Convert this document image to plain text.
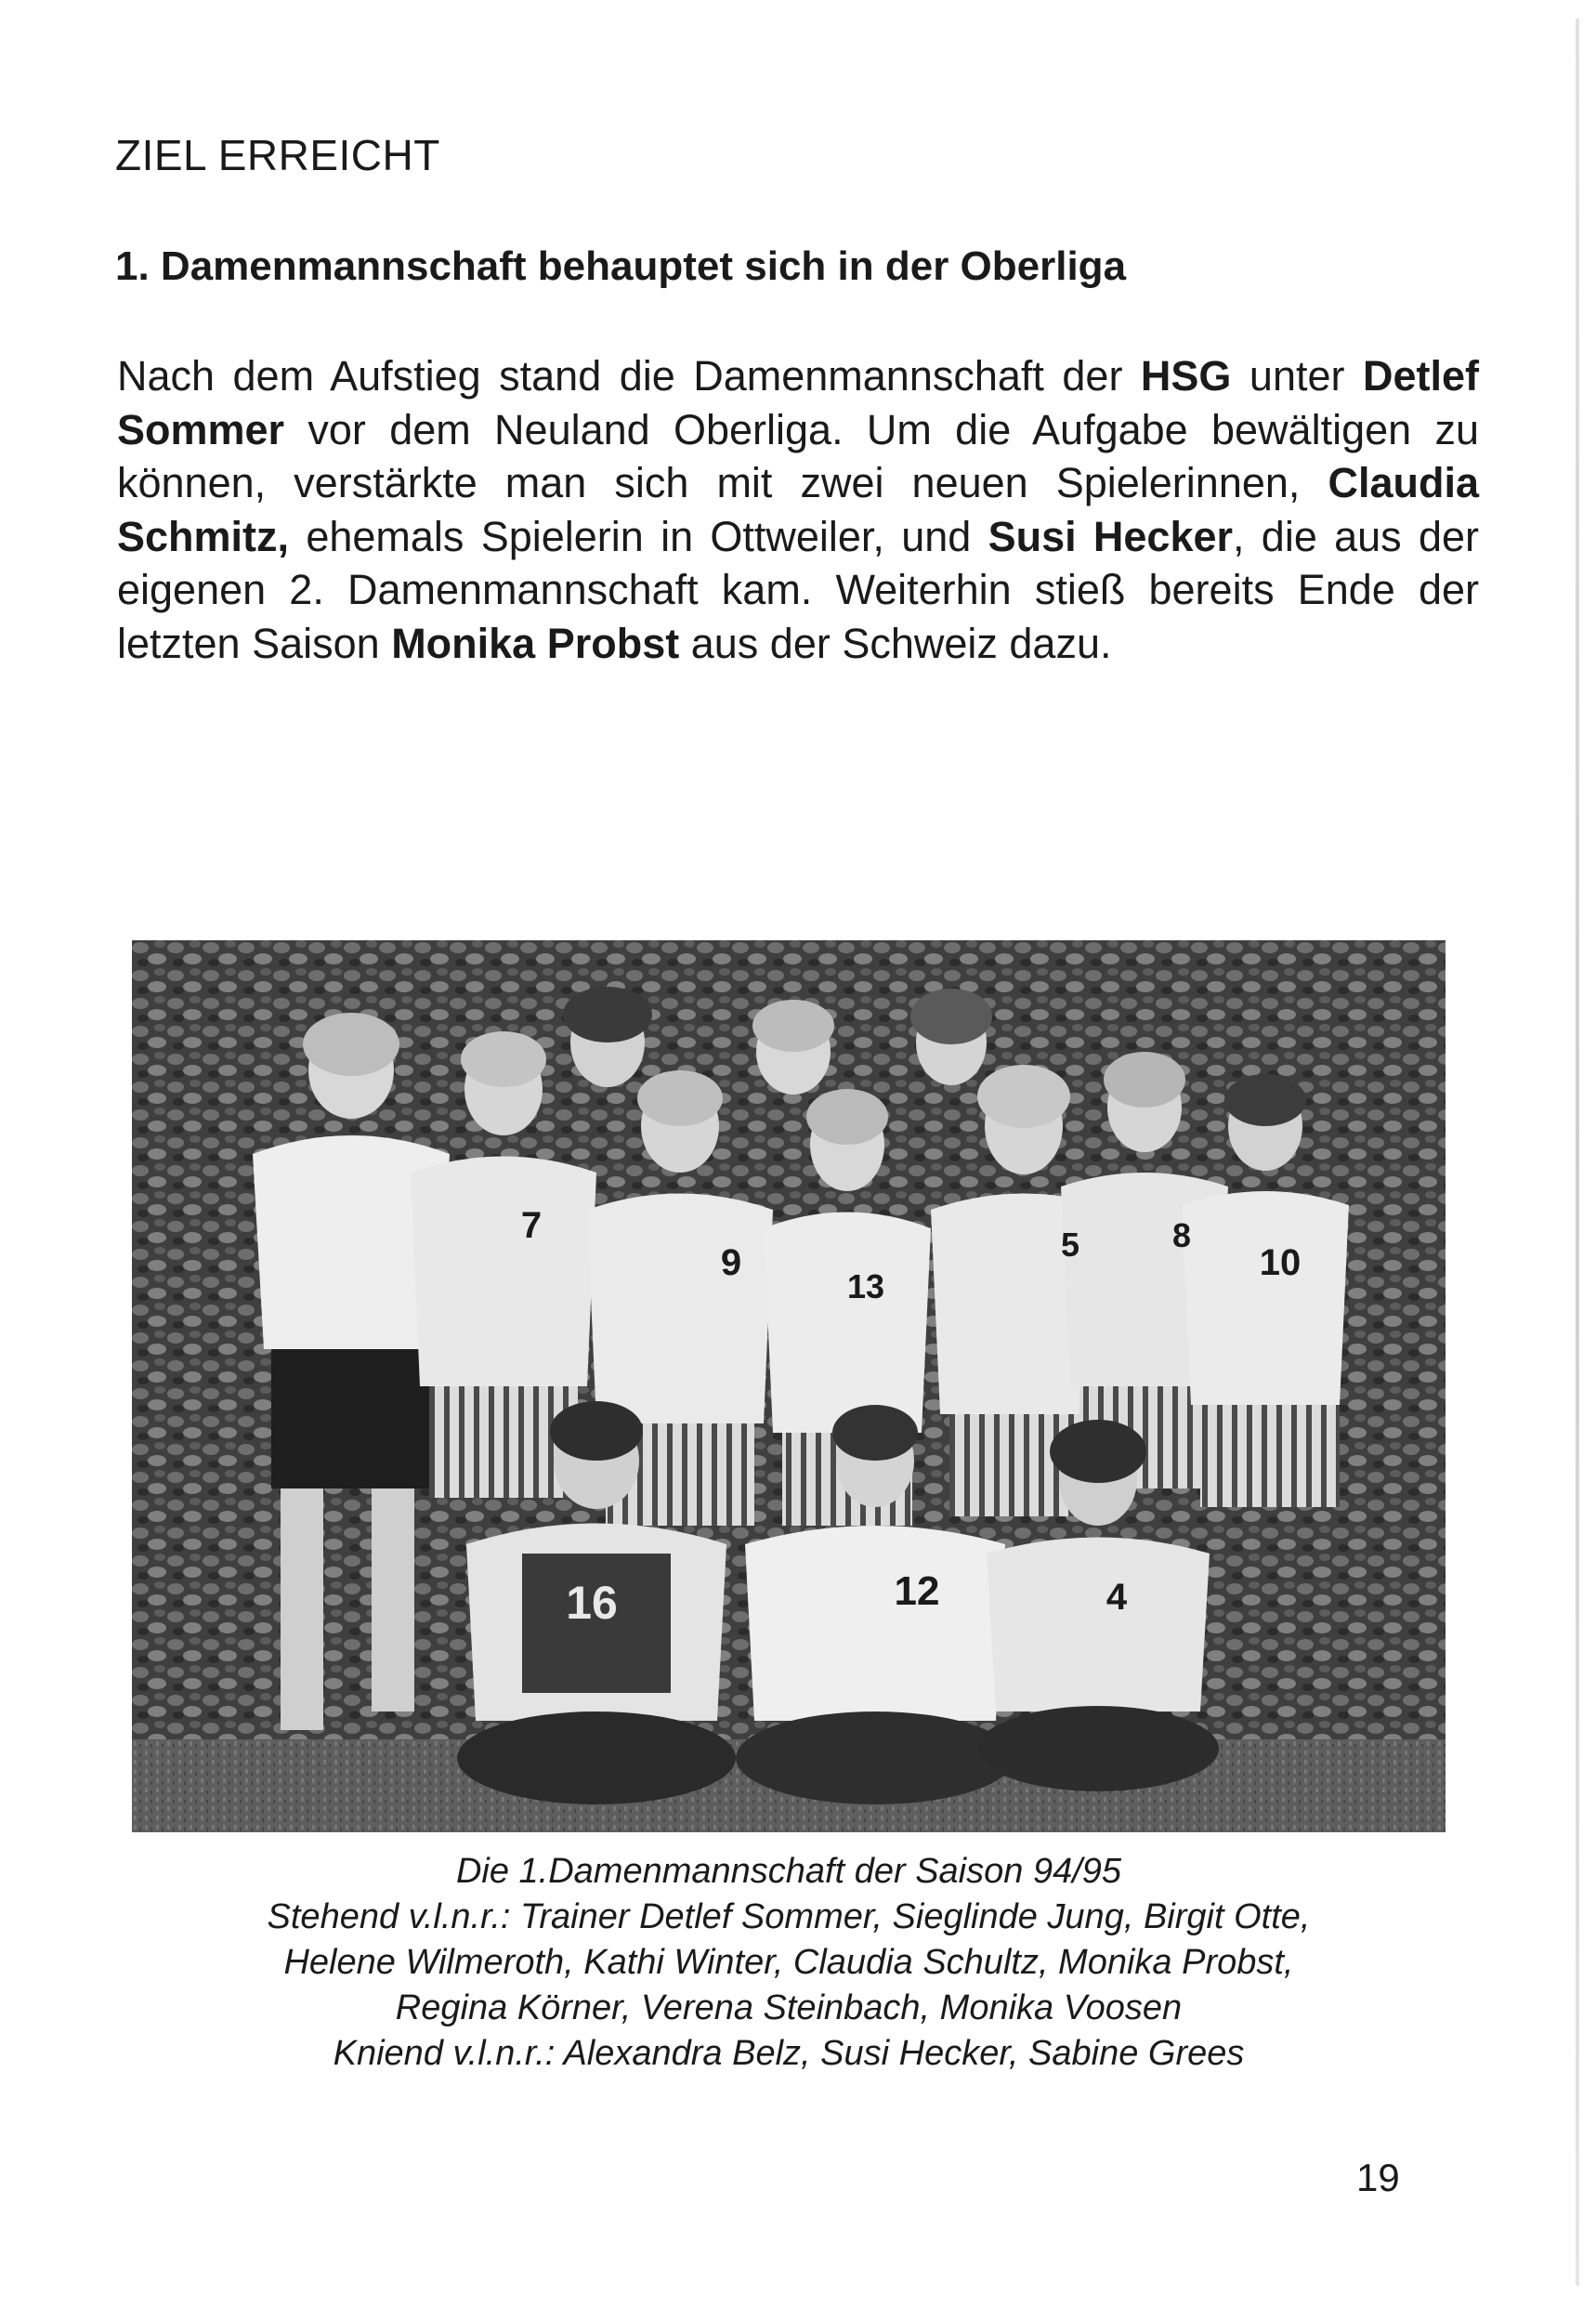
ZIEL ERREICHT
1. Damenmannschaft behauptet sich in der Oberliga

Nach dem Aufstieg stand die Damenmannschaft der HSG unter Detlef Sommer vor dem Neuland Oberliga. Um die Aufgabe bewältigen zu können, verstärkte man sich mit zwei neuen Spielerinnen, Claudia Schmitz, ehemals Spielerin in Ottweiler, und Susi Hecker, die aus der eigenen 2. Damenmannschaft kam. Weiterhin stieß bereits Ende der letzten Saison Monika Probst aus der Schweiz dazu.

7
9
13
5	8
10
16	12	4
Die 1.Damenmannschaft der Saison 94/95
Stehend v.l.n.r.: Trainer Detlef Sommer, Sieglinde Jung, Birgit Otte,
Helene Wilmeroth, Kathi Winter, Claudia Schultz, Monika Probst,
Regina Körner, Verena Steinbach, Monika Voosen
Kniend v.l.n.r.: Alexandra Belz, Susi Hecker, Sabine Grees
19
